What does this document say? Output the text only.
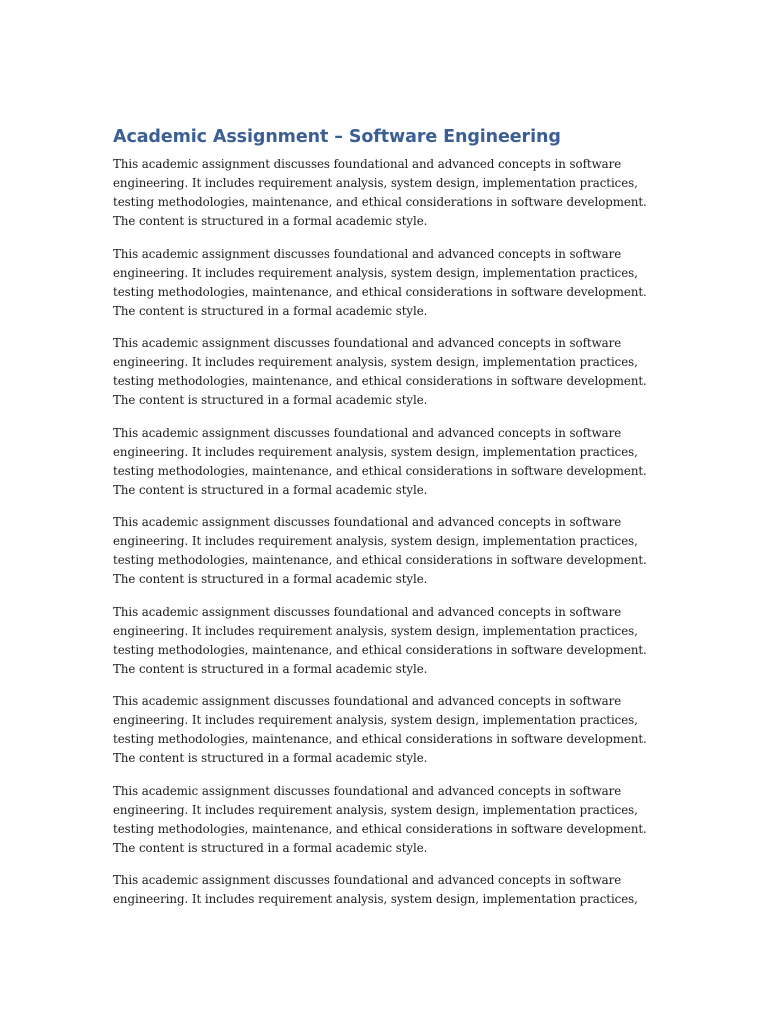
Academic Assignment – Software Engineering
This academic assignment discusses foundational and advanced concepts in software
engineering. It includes requirement analysis, system design, implementation practices,
testing methodologies, maintenance, and ethical considerations in software development.
The content is structured in a formal academic style.
This academic assignment discusses foundational and advanced concepts in software
engineering. It includes requirement analysis, system design, implementation practices,
testing methodologies, maintenance, and ethical considerations in software development.
The content is structured in a formal academic style.
This academic assignment discusses foundational and advanced concepts in software
engineering. It includes requirement analysis, system design, implementation practices,
testing methodologies, maintenance, and ethical considerations in software development.
The content is structured in a formal academic style.
This academic assignment discusses foundational and advanced concepts in software
engineering. It includes requirement analysis, system design, implementation practices,
testing methodologies, maintenance, and ethical considerations in software development.
The content is structured in a formal academic style.
This academic assignment discusses foundational and advanced concepts in software
engineering. It includes requirement analysis, system design, implementation practices,
testing methodologies, maintenance, and ethical considerations in software development.
The content is structured in a formal academic style.
This academic assignment discusses foundational and advanced concepts in software
engineering. It includes requirement analysis, system design, implementation practices,
testing methodologies, maintenance, and ethical considerations in software development.
The content is structured in a formal academic style.
This academic assignment discusses foundational and advanced concepts in software
engineering. It includes requirement analysis, system design, implementation practices,
testing methodologies, maintenance, and ethical considerations in software development.
The content is structured in a formal academic style.
This academic assignment discusses foundational and advanced concepts in software
engineering. It includes requirement analysis, system design, implementation practices,
testing methodologies, maintenance, and ethical considerations in software development.
The content is structured in a formal academic style.
This academic assignment discusses foundational and advanced concepts in software
engineering. It includes requirement analysis, system design, implementation practices,
